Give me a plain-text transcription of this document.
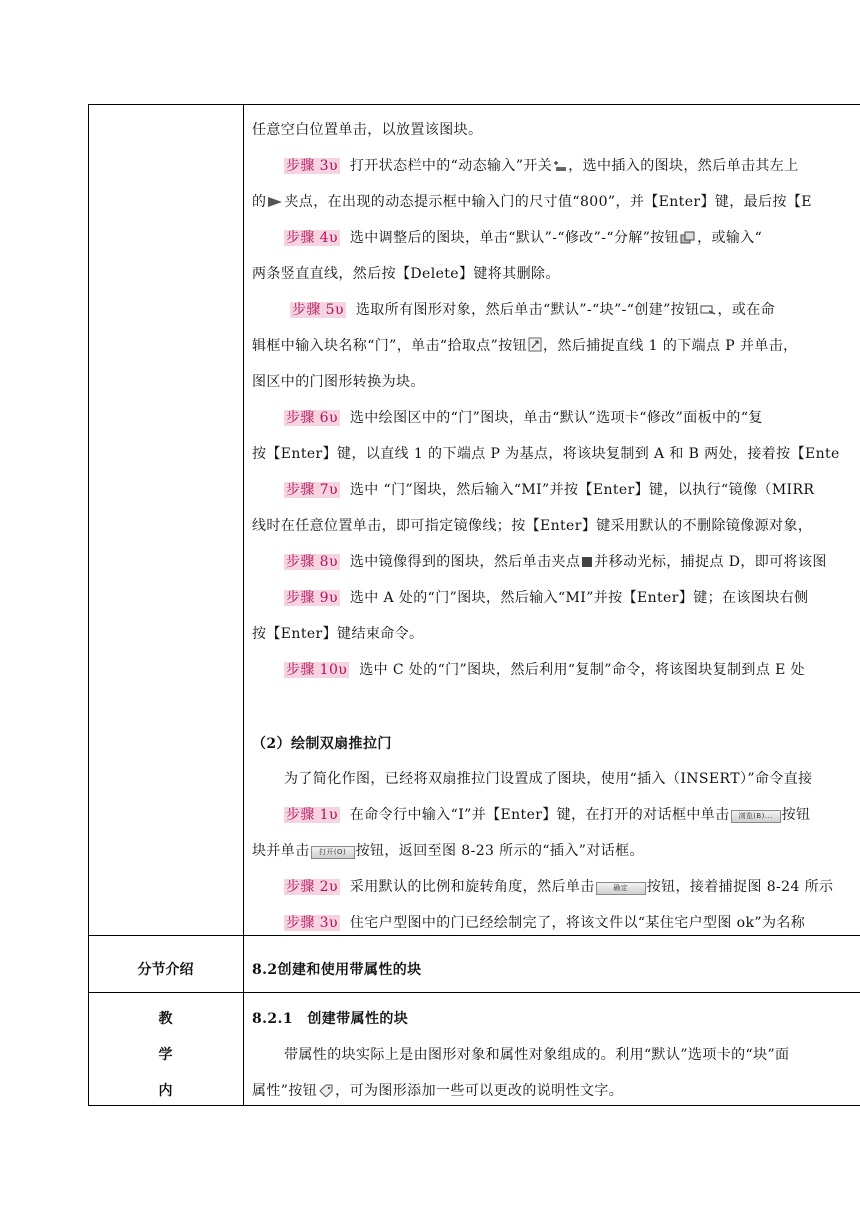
任意空白位置单击，以放置该图块。
步骤 3υ 打开状态栏中的“动态输入”开关 ，选中插入的图块，然后单击其左上
的 夹点，在出现的动态提示框中输入门的尺寸值“800”，并【Enter】键，最后按【E
步骤 4υ 选中调整后的图块，单击“默认”-“修改”-“分解”按钮 ，或输入“
两条竖直直线，然后按【Delete】键将其删除。
步骤 5υ 选取所有图形对象，然后单击“默认”-“块”-“创建”按钮 ，或在命
辑框中输入块名称“门”，单击“拾取点”按钮 ，然后捕捉直线 1 的下端点 P 并单击，
图区中的门图形转换为块。
步骤 6υ 选中绘图区中的“门”图块，单击“默认”选项卡“修改”面板中的“复
按【Enter】键，以直线 1 的下端点 P 为基点，将该块复制到 A 和 B 两处，接着按【Ente
步骤 7υ 选中 “门”图块，然后输入“MI”并按【Enter】键，以执行“镜像（MIRR
线时在任意位置单击，即可指定镜像线；按【Enter】键采用默认的不删除镜像源对象，
步骤 8υ 选中镜像得到的图块，然后单击夹点 并移动光标，捕捉点 D，即可将该图
步骤 9υ 选中 A 处的“门”图块，然后输入“MI”并按【Enter】键；在该图块右侧
按【Enter】键结束命令。
步骤 10υ 选中 C 处的“门”图块，然后利用“复制”命令，将该图块复制到点 E 处
（2）绘制双扇推拉门
为了简化作图，已经将双扇推拉门设置成了图块，使用“插入（INSERT）”命令直接
步骤 1υ 在命令行中输入“I”并【Enter】键，在打开的对话框中单击 浏览(B)... 按钮
块并单击 打开(O) 按钮，返回至图 8-23 所示的“插入”对话框。
步骤 2υ 采用默认的比例和旋转角度，然后单击	确定 按钮，接着捕捉图 8-24 所示
步骤 3υ 住宅户型图中的门已经绘制完了，将该文件以“某住宅户型图 ok”为名称
分节介绍	8.2创建和使用带属性的块
教
学
内
8.2.1　创建带属性的块
带属性的块实际上是由图形对象和属性对象组成的。利用“默认”选项卡的“块”面
属性”按钮 ，可为图形添加一些可以更改的说明性文字。
